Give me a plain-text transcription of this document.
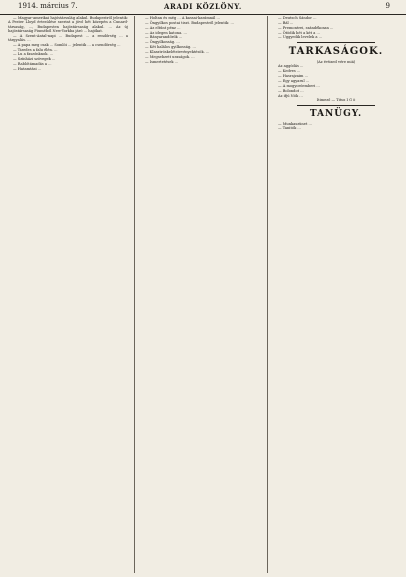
1914. március 7.	ARADI KÖZLÖNY.	9

— Magyar-amerikai hajóstársulág alakul. Budapestről jelentik: A Pester Lloyd értesülése szerint a jövő hét közepén a Cunard-társaság, ..., Budapesten hajóstársaság alakul. ... Az új hajóstársaság Fiuméból New-Yorkba járó ... hajókat.

— A Szent-Antal-napi ... Budapest ... a rendőrség ... a tárgyalás. ...

— A papa meg csak ... Somlói ... jelentik ... a csendőrség ...

— Tizedes a falu élén. ...

— Lu a faszónknok. ...

— Színházi szövegek ...

— Rablótámadás a ...

— Hatamtási ...

— Holtan és még ... A kassai-karámnál ...

— Öngyilkos postai tiszt. Budapestről jelentik: ...

— Az eltűnt pénz ...

— Az idegen katona. ...

— Bányarandőrök ...

— Öngyilkosság. ...

— Két halálos gyilkosság. ...

— Klasztróskelétstevényektésök. ...

— Megsebzett uraságok. ...

— Ismertetések ...

— Deutsch Sándor ...

— Bál ...

— Premontrei, szándékosan ...

— Ötödik hét a két a ...

— Uggyedik levelek a ...

TARKASÁGOK.

(Az évtized vére miá)

Az aggódás ...

— Kedves ...

— Hasrajzaim ...

— Egy agyarul ...

— A mogyoróemberi ...

— Bolondot ...

Az ifjú Nök ...

Itimező — Titus I G ö

TANÜGY.

— Munkaszünet ...

— Tanitók ...
